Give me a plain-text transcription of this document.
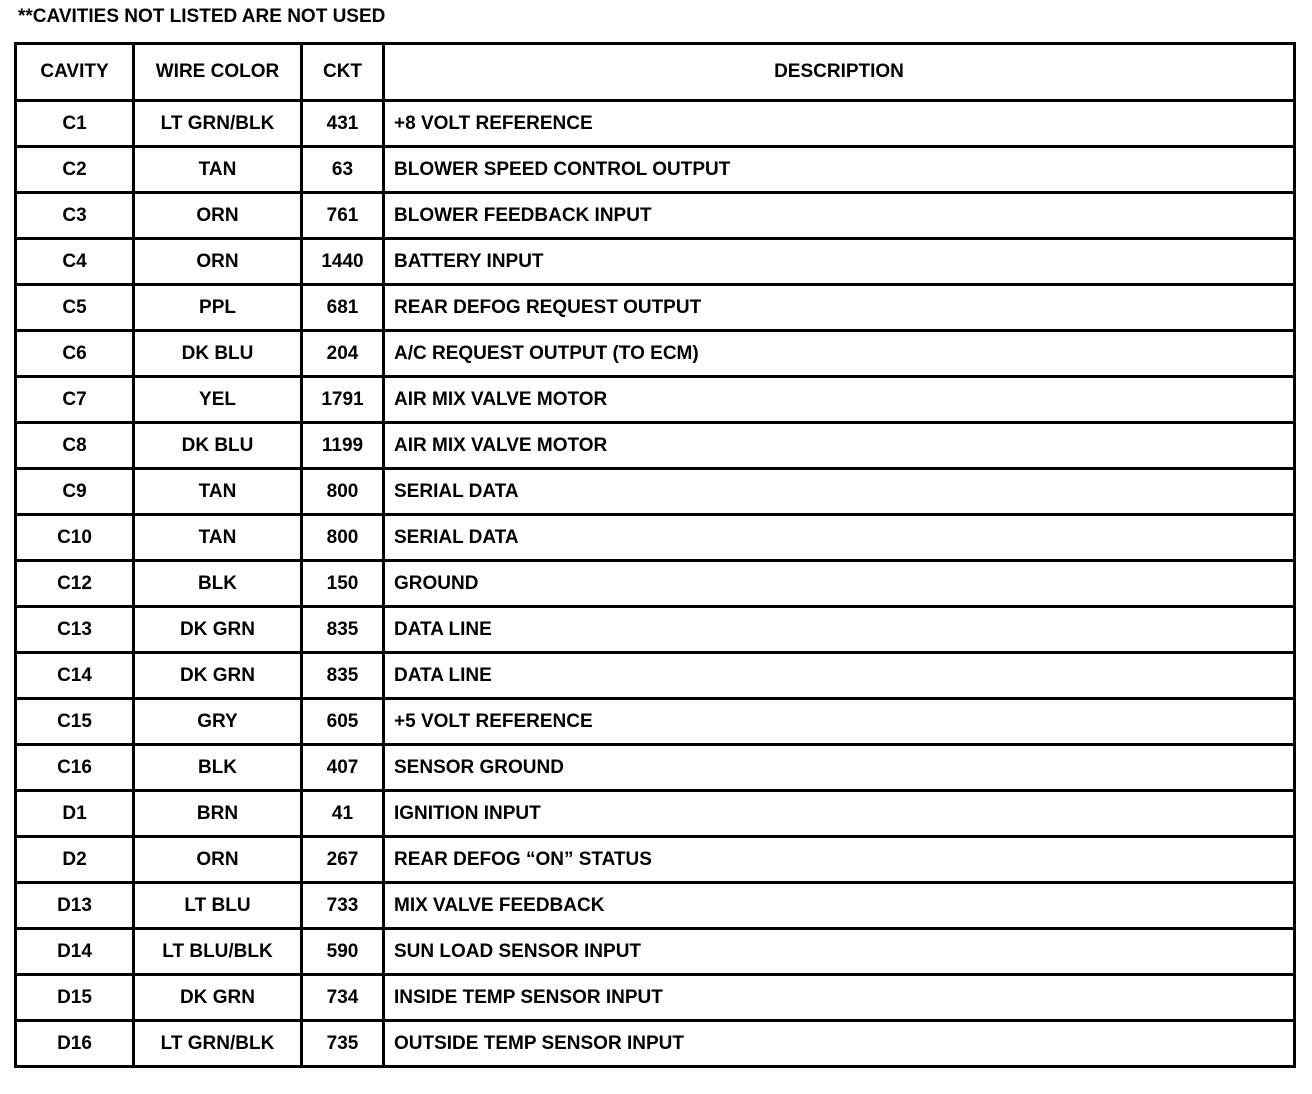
**CAVITIES NOT LISTED ARE NOT USED
CAVITY	WIRE COLOR	CKT	DESCRIPTION
C1	LT GRN/BLK	431	+8 VOLT REFERENCE
C2	TAN	63	BLOWER SPEED CONTROL OUTPUT
C3	ORN	761	BLOWER FEEDBACK INPUT
C4	ORN	1440	BATTERY INPUT
C5	PPL	681	REAR DEFOG REQUEST OUTPUT
C6	DK BLU	204	A/C REQUEST OUTPUT (TO ECM)
C7	YEL	1791	AIR MIX VALVE MOTOR
C8	DK BLU	1199	AIR MIX VALVE MOTOR
C9	TAN	800	SERIAL DATA
C10	TAN	800	SERIAL DATA
C12	BLK	150	GROUND
C13	DK GRN	835	DATA LINE
C14	DK GRN	835	DATA LINE
C15	GRY	605	+5 VOLT REFERENCE
C16	BLK	407	SENSOR GROUND
D1	BRN	41	IGNITION INPUT
D2	ORN	267	REAR DEFOG “ON” STATUS
D13	LT BLU	733	MIX VALVE FEEDBACK
D14	LT BLU/BLK	590	SUN LOAD SENSOR INPUT
D15	DK GRN	734	INSIDE TEMP SENSOR INPUT
D16	LT GRN/BLK	735	OUTSIDE TEMP SENSOR INPUT
